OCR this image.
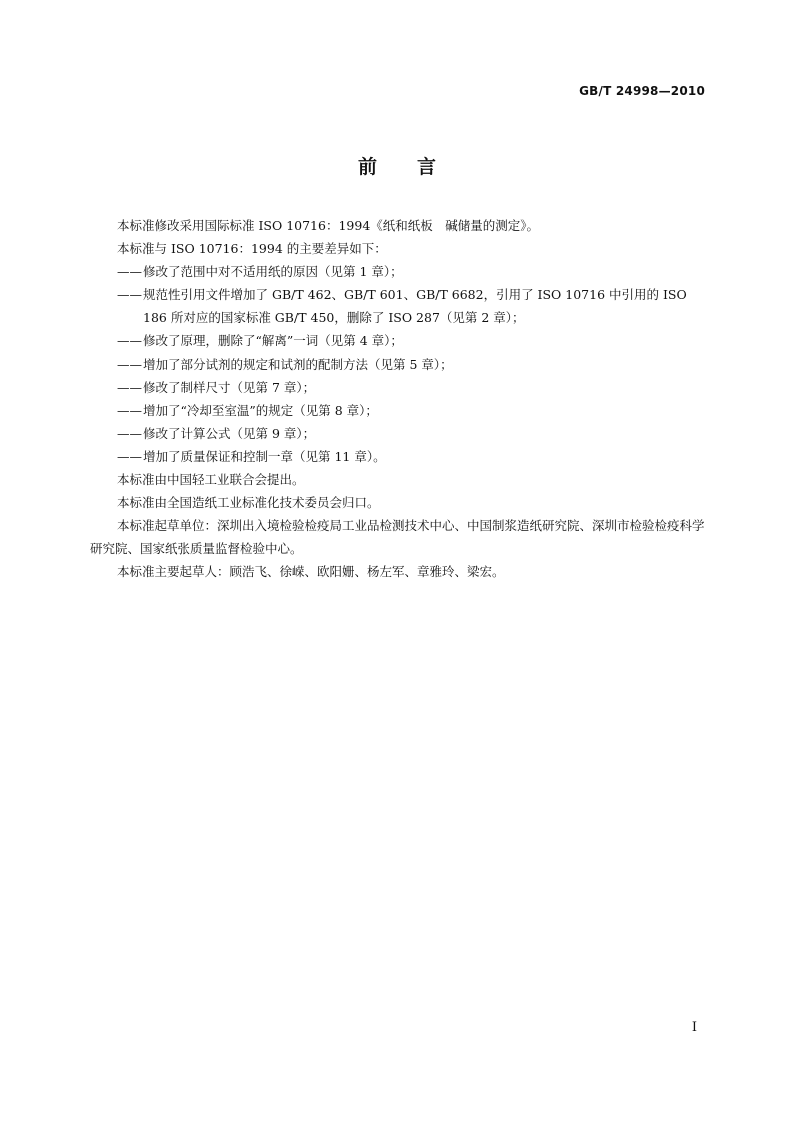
GB/T 24998—2010
前言

本标准修改采用国际标准 ISO 10716：1994《纸和纸板　碱储量的测定》。

本标准与 ISO 10716：1994 的主要差异如下：

—— 修改了范围中对不适用纸的原因（见第 1 章）；
—— 规范性引用文件增加了 GB/T 462、GB/T 601、GB/T 6682，引用了 ISO 10716 中引用的 ISO 186 所对应的国家标准 GB/T 450，删除了 ISO 287（见第 2 章）；
—— 修改了原理，删除了“解离”一词（见第 4 章）；
—— 增加了部分试剂的规定和试剂的配制方法（见第 5 章）；
—— 修改了制样尺寸（见第 7 章）；
—— 增加了“冷却至室温”的规定（见第 8 章）；
—— 修改了计算公式（见第 9 章）；
—— 增加了质量保证和控制一章（见第 11 章）。

本标准由中国轻工业联合会提出。

本标准由全国造纸工业标准化技术委员会归口。

本标准起草单位：深圳出入境检验检疫局工业品检测技术中心、中国制浆造纸研究院、深圳市检验检疫科学研究院、国家纸张质量监督检验中心。

本标准主要起草人：顾浩飞、徐嵘、欧阳姗、杨左军、章雅玲、梁宏。

I
